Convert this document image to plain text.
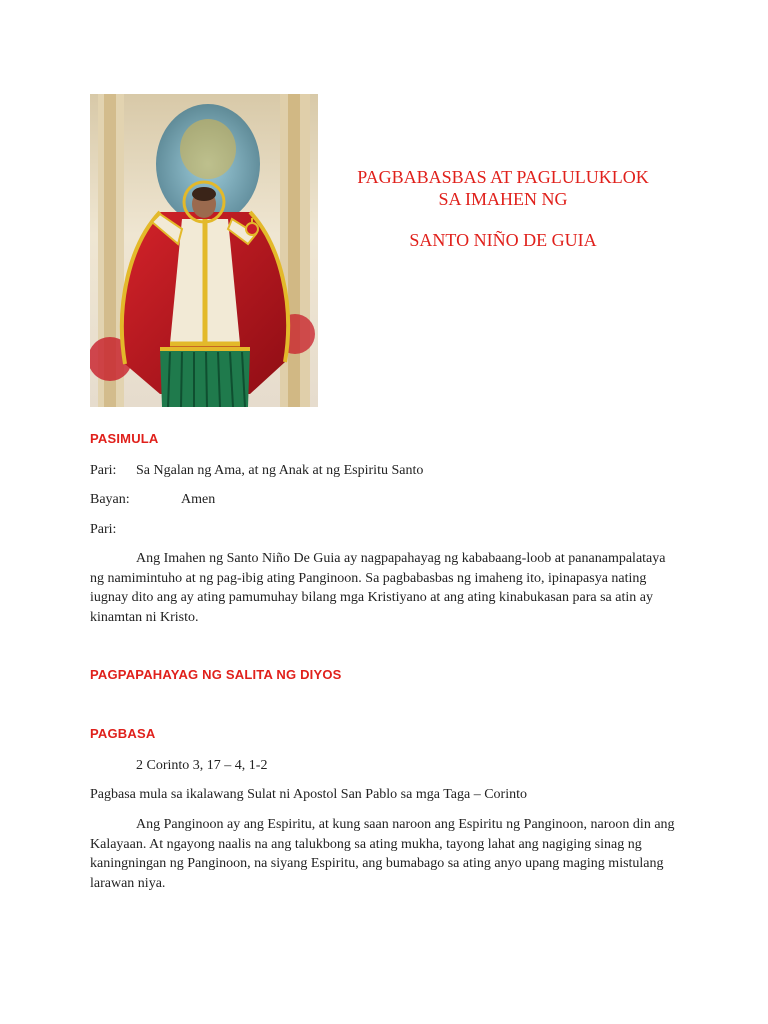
PAGBABASBAS AT PAGLULUKLOK
SA IMAHEN NG
SANTO NIÑO DE GUIA
PASIMULA
Pari: Sa Ngalan ng Ama, at ng Anak at ng Espiritu Santo
Bayan:	Amen
Pari:
Ang Imahen ng Santo Niño De Guia ay nagpapahayag ng kababaang-loob at pananampalataya ng namimintuho at ng pag-ibig ating Panginoon. Sa pagbabasbas ng imaheng ito, ipinapasya nating iugnay dito ang ay ating pamumuhay bilang mga Kristiyano at ang ating kinabukasan para sa atin ay kinamtan ni Kristo.
PAGPAPAHAYAG NG SALITA NG DIYOS
PAGBASA
2 Corinto 3, 17 – 4, 1-2
Pagbasa mula sa ikalawang Sulat ni Apostol San Pablo sa mga Taga – Corinto
Ang Panginoon ay ang Espiritu, at kung saan naroon ang Espiritu ng Panginoon, naroon din ang Kalayaan. At ngayong naalis na ang talukbong sa ating mukha, tayong lahat ang nagiging sinag ng kaningningan ng Panginoon, na siyang Espiritu, ang bumabago sa ating anyo upang maging mistulang larawan niya.
